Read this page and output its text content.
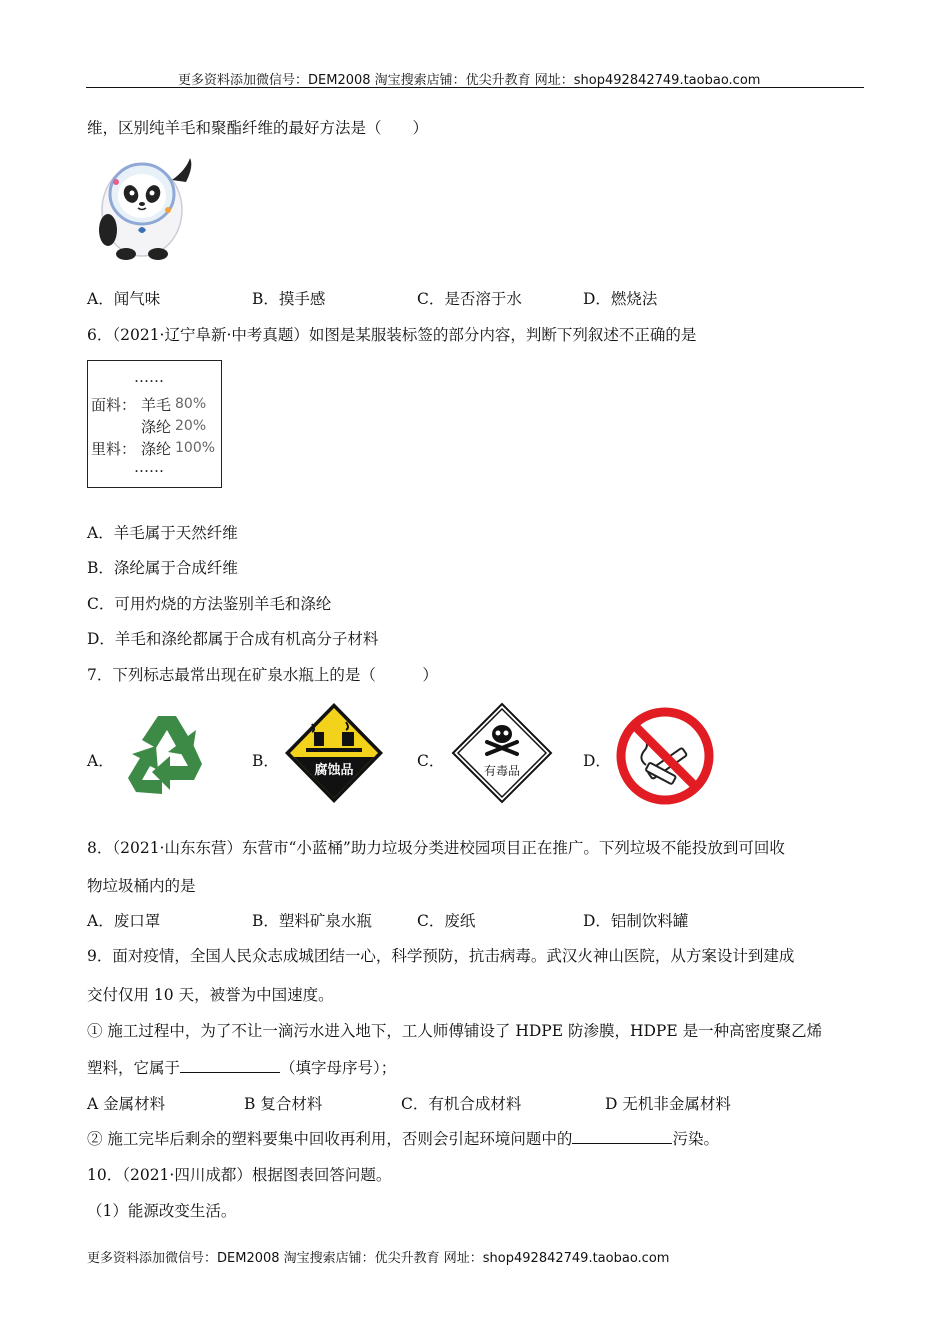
更多资料添加微信号：DEM2008 淘宝搜索店铺：优尖升教育 网址：shop492842749.taobao.com
维，区别纯羊毛和聚酯纤维的最好方法是（　　）
A．闻气味	B．摸手感	C．是否溶于水	D．燃烧法
6．（2021·辽宁阜新·中考真题）如图是某服装标签的部分内容，判断下列叙述不正确的是
……
面料： 羊毛 80%
涤纶 20%
里料： 涤纶 100%
……
A．羊毛属于天然纤维
B．涤纶属于合成纤维
C．可用灼烧的方法鉴别羊毛和涤纶
D．羊毛和涤纶都属于合成有机高分子材料
7．下列标志最常出现在矿泉水瓶上的是（　　　）
A．	B．
腐蚀品
C．
有毒品
D．
8．（2021·山东东营）东营市“小蓝桶”助力垃圾分类进校园项目正在推广。下列垃圾不能投放到可回收
物垃圾桶内的是
A．废口罩	B．塑料矿泉水瓶	C．废纸	D．铝制饮料罐
9．面对疫情，全国人民众志成城团结一心，科学预防，抗击病毒。武汉火神山医院，从方案设计到建成
交付仅用 10 天，被誉为中国速度。
① 施工过程中，为了不让一滴污水进入地下，工人师傅铺设了 HDPE 防渗膜，HDPE 是一种高密度聚乙烯
塑料，它属于	（填字母序号）；
A 金属材料	B 复合材料	C．有机合成材料	D 无机非金属材料
② 施工完毕后剩余的塑料要集中回收再利用，否则会引起环境问题中的	污染。
10．（2021·四川成都）根据图表回答问题。
（1）能源改变生活。
更多资料添加微信号：DEM2008 淘宝搜索店铺：优尖升教育 网址：shop492842749.taobao.com
